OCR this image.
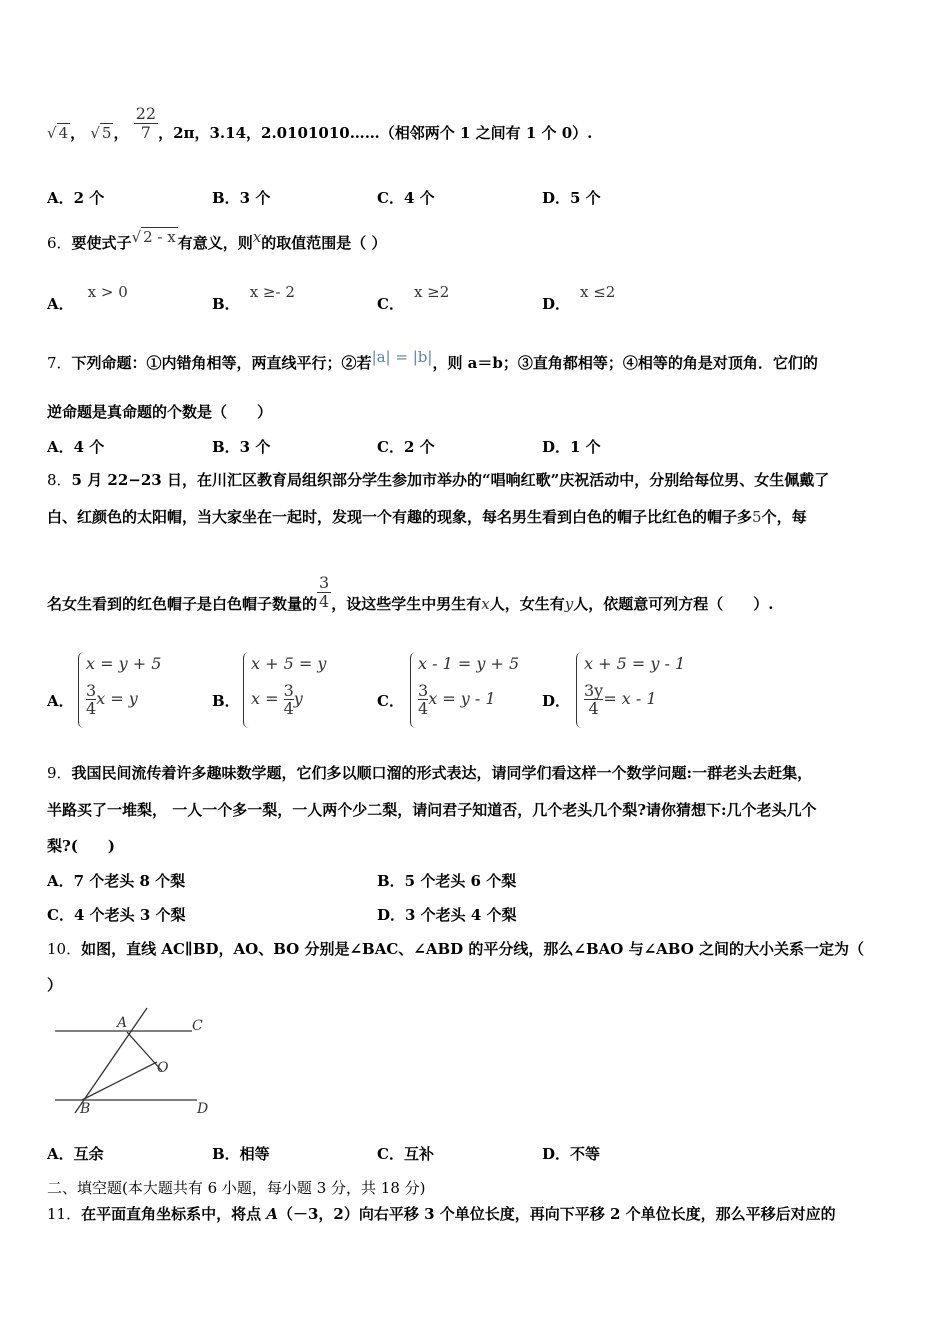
√ 4 ， √ 5 ， $\frac{22}{7}$ ，2π，3.14，2.0101010……（相邻两个 1 之间有 1 个 0）.
A．2 个	B．3 个	C．4 个	D．5 个
6．要使式子√ 2 - x 有意义，则x的取值范围是（ ）
A．x > 0
B．x ≥- 2
C．x ≥2
D．x ≤2
7．下列命题：①内错角相等，两直线平行；②若|a| = |b|，则 a＝b；③直角都相等；④相等的角是对顶角．它们的
逆命题是真命题的个数是（　　）
A．4 个	B．3 个	C．2 个	D．1 个
8．5 月 22−23 日，在川汇区教育局组织部分学生参加市举办的“唱响红歌”庆祝活动中，分别给每位男、女生佩戴了
白、红颜色的太阳帽，当大家坐在一起时，发现一个有趣的现象，每名男生看到白色的帽子比红色的帽子多5个，每
名女生看到的红色帽子是白色帽子数量的 $\frac{3}{4}$ ，设这些学生中男生有x人，女生有y人，依题意可列方程（　　）.
A．
x = y + 5
$\frac{3}{4}$ x = y	B．
x + 5 = y
$x = \frac{3}{4}$ y	C．
x - 1 = y + 5
$\frac{3}{4}$ x = y - 1	D．
x + 5 = y - 1
$\frac{3y}{4} = x - 1$
9．我国民间流传着许多趣味数学题，它们多以顺口溜的形式表达，请同学们看这样一个数学问题:一群老头去赶集，
半路买了一堆梨， 一人一个多一梨，一人两个少二梨，请问君子知道否，几个老头几个梨?请你猜想下:几个老头几个
梨?(　　)
A．7 个老头 8 个梨	B．5 个老头 6 个梨
C．4 个老头 3 个梨	D．3 个老头 4 个梨
10．如图，直线 AC∥BD，AO、BO 分别是∠BAC、∠ABD 的平分线，那么∠BAO 与∠ABO 之间的大小关系一定为（
）
A	C
O
B	D
A．互余	B．相等	C．互补	D．不等
二、填空题(本大题共有 6 小题，每小题 3 分，共 18 分)
11．在平面直角坐标系中，将点 A（－3，2）向右平移 3 个单位长度，再向下平移 2 个单位长度，那么平移后对应的
